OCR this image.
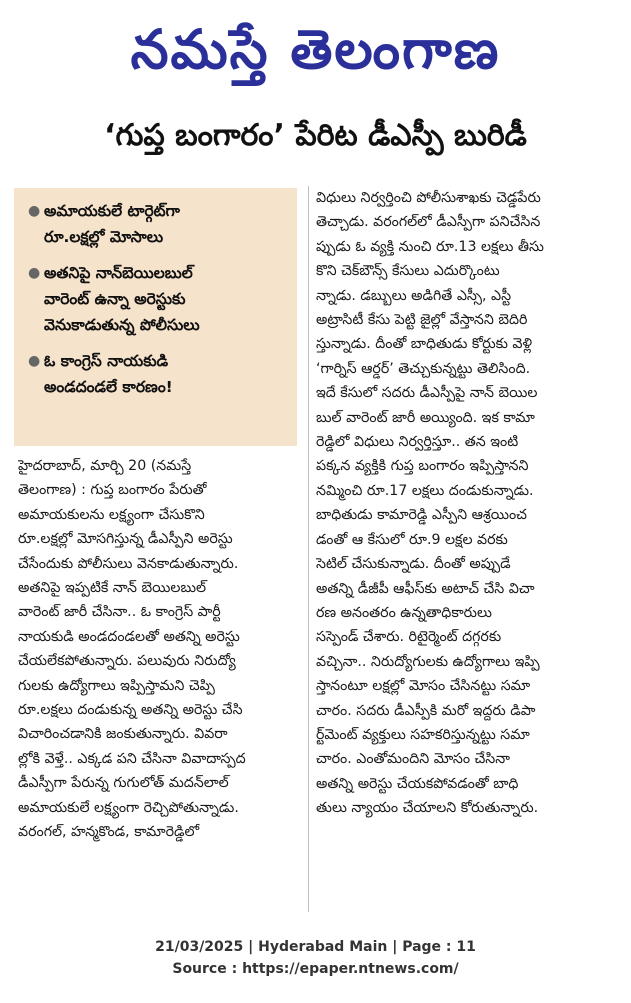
నమస్తే తెలంగాణ
‘గుప్త బంగారం’ పేరిట డీఎస్పీ బురిడీ
● అమాయకులే టార్గెట్‌గా
రూ.లక్షల్లో మోసాలు
● అతనిపై నాన్‌బెయిలబుల్
వారెంట్ ఉన్నా అరెస్టుకు
వెనుకాడుతున్న పోలీసులు
● ఓ కాంగ్రెస్ నాయకుడి
అండదండలే కారణం!
హైదరాబాద్, మార్చి 20 (నమస్తే
తెలంగాణ) : గుప్త బంగారం పేరుతో
అమాయకులను లక్ష్యంగా చేసుకొని
రూ.లక్షల్లో మోసగిస్తున్న డీఎస్పీని అరెస్టు
చేసేందుకు పోలీసులు వెనకాడుతున్నారు.
అతనిపై ఇప్పటికే నాన్ బెయిలబుల్
వారెంట్ జారీ చేసినా.. ఓ కాంగ్రెస్ పార్టీ
నాయకుడి అండదండలతో అతన్ని అరెస్టు
చేయలేకపోతున్నారు. పలువురు నిరుద్యో
గులకు ఉద్యోగాలు ఇప్పిస్తామని చెప్పి
రూ.లక్షలు దండుకున్న అతన్ని అరెస్టు చేసి
విచారించడానికి జంకుతున్నారు. వివరా
ల్లోకి వెళ్తే.. ఎక్కడ పని చేసినా వివాదాస్పద
డీఎస్పీగా పేరున్న గుగులోత్ మదన్‌లాల్
అమాయకులే లక్ష్యంగా రెచ్చిపోతున్నాడు.
వరంగల్, హన్మకొండ, కామారెడ్డిలో
విధులు నిర్వర్తించి పోలీసుశాఖకు చెడ్డపేరు
తెచ్చాడు. వరంగల్‌లో డీఎస్పీగా పనిచేసిన
ప్పుడు ఓ వ్యక్తి నుంచి రూ.13 లక్షలు తీసు
కొని చెక్‌బౌన్స్ కేసులు ఎదుర్కొంటు
న్నాడు. డబ్బులు అడిగితే ఎస్సీ, ఎస్టీ
అట్రాసిటీ కేసు పెట్టి జైల్లో వేస్తానని బెదిరి
స్తున్నాడు. దీంతో బాధితుడు కోర్టుకు వెళ్లి
‘గార్నిస్ ఆర్డర్’ తెచ్చుకున్నట్టు తెలిసింది.
ఇదే కేసులో సదరు డీఎస్పీపై నాన్ బెయిల
బుల్ వారెంట్ జారీ అయ్యింది. ఇక కామా
రెడ్డిలో విధులు నిర్వర్తిస్తూ.. తన ఇంటి
పక్కన వ్యక్తికి గుప్త బంగారం ఇప్పిస్తానని
నమ్మించి రూ.17 లక్షలు దండుకున్నాడు.
బాధితుడు కామారెడ్డి ఎస్పీని ఆశ్రయించ
డంతో ఆ కేసులో రూ.9 లక్షల వరకు
సెటిల్ చేసుకున్నాడు. దీంతో అప్పుడే
అతన్ని డీజీపీ ఆఫీస్‌కు అటాచ్ చేసి విచా
రణ అనంతరం ఉన్నతాధికారులు
సస్పెండ్ చేశారు. రిటైర్మెంట్ దగ్గరకు
వచ్చినా.. నిరుద్యోగులకు ఉద్యోగాలు ఇప్పి
స్తానంటూ లక్షల్లో మోసం చేసినట్టు సమా
చారం. సదరు డీఎస్పీకి మరో ఇద్దరు డిపా
ర్ట్‌మెంట్ వ్యక్తులు సహకరిస్తున్నట్టు సమా
చారం. ఎంతోమందిని మోసం చేసినా
అతన్ని అరెస్టు చేయకపోవడంతో బాధి
తులు న్యాయం చేయాలని కోరుతున్నారు.
21/03/2025 | Hyderabad Main | Page : 11
Source : https://epaper.ntnews.com/
